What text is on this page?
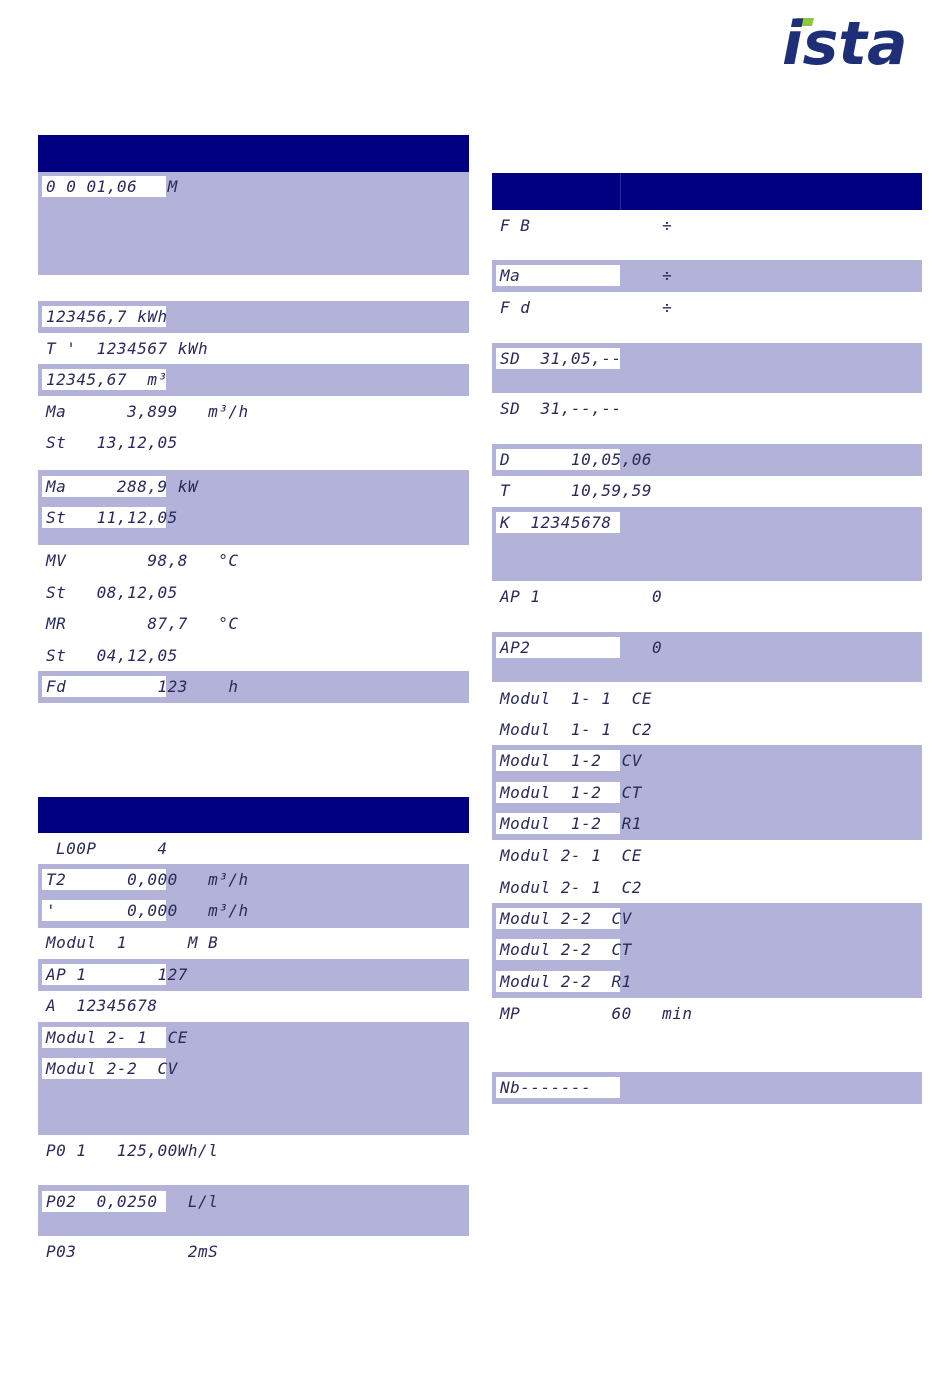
ista
0 0 01,06   M
123456,7 kWh
T '  1234567 kWh
12345,67  m³
Ma      3,899   m³/h
St   13,12,05
Ma     288,9 kW
St   11,12,05
MV        98,8   °C
St   08,12,05
MR        87,7   °C
St   04,12,05
Fd         123    h
L00P      4
T2      0,000   m³/h
'       0,000   m³/h
Modul  1      M B
AP 1       127
A  12345678
Modul 2- 1  CE
Modul 2-2  CV
P0 1   125,00Wh/l
P02  0,0250   L/l
P03           2mS
F B             ÷
Ma              ÷
F d             ÷
SD  31,05,--
SD  31,--,--
D      10,05,06
T      10,59,59
K  12345678
AP 1           0
AP2            0
Modul  1- 1  CE
Modul  1- 1  C2
Modul  1-2  CV
Modul  1-2  CT
Modul  1-2  R1
Modul 2- 1  CE
Modul 2- 1  C2
Modul 2-2  CV
Modul 2-2  CT
Modul 2-2  R1
MP         60   min
Nb-------
